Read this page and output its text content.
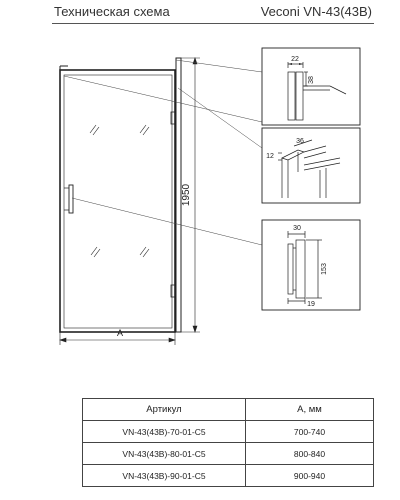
Техническая схема	Veconi VN-43(43B)
1950
A
22
38
36
12
30
153
19
Артикул	А, мм
VN-43(43B)-70-01-C5	700-740
VN-43(43B)-80-01-C5	800-840
VN-43(43B)-90-01-C5	900-940
